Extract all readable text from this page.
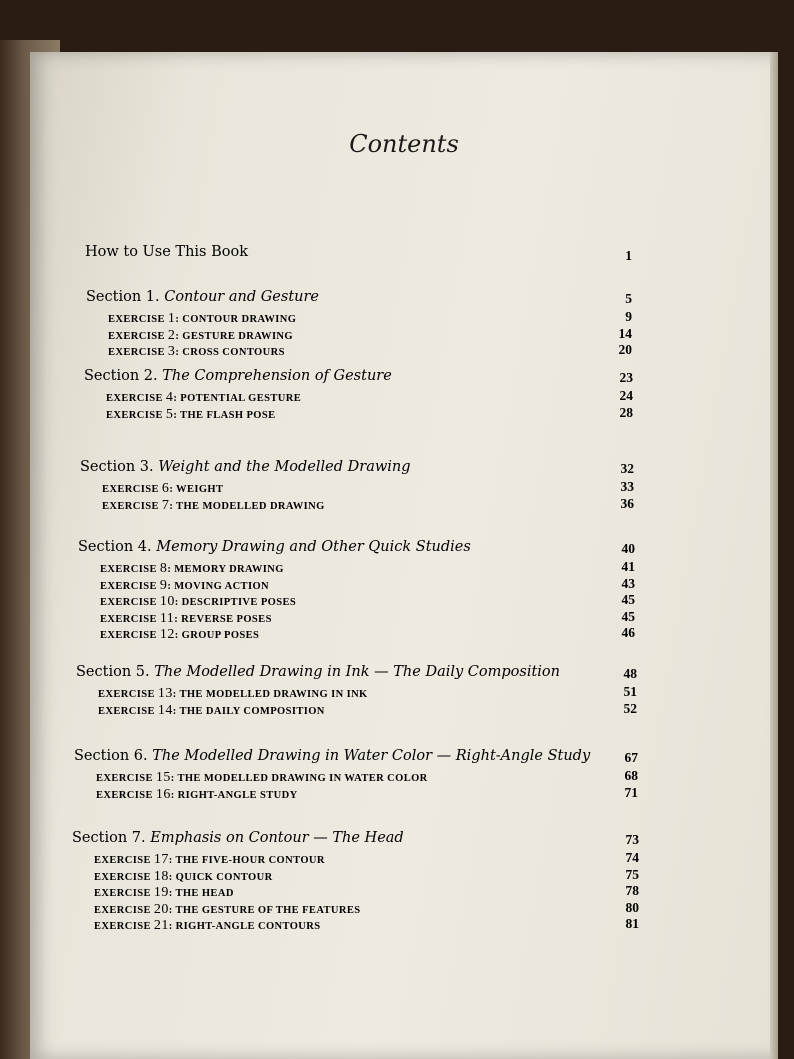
Contents
How to Use This Book	1
Section 1. Contour and Gesture	5
EXERCISE 1: CONTOUR DRAWING	9
EXERCISE 2: GESTURE DRAWING	14
EXERCISE 3: CROSS CONTOURS	20
Section 2. The Comprehension of Gesture	23
EXERCISE 4: POTENTIAL GESTURE	24
EXERCISE 5: THE FLASH POSE	28
Section 3. Weight and the Modelled Drawing	32
EXERCISE 6: WEIGHT	33
EXERCISE 7: THE MODELLED DRAWING	36
Section 4. Memory Drawing and Other Quick Studies	40
EXERCISE 8: MEMORY DRAWING	41
EXERCISE 9: MOVING ACTION	43
EXERCISE 10: DESCRIPTIVE POSES	45
EXERCISE 11: REVERSE POSES	45
EXERCISE 12: GROUP POSES	46
Section 5. The Modelled Drawing in Ink — The Daily Composition	48
EXERCISE 13: THE MODELLED DRAWING IN INK	51
EXERCISE 14: THE DAILY COMPOSITION	52
Section 6. The Modelled Drawing in Water Color — Right-Angle Study	67
EXERCISE 15: THE MODELLED DRAWING IN WATER COLOR	68
EXERCISE 16: RIGHT-ANGLE STUDY	71
Section 7. Emphasis on Contour — The Head	73
EXERCISE 17: THE FIVE-HOUR CONTOUR	74
EXERCISE 18: QUICK CONTOUR	75
EXERCISE 19: THE HEAD	78
EXERCISE 20: THE GESTURE OF THE FEATURES	80
EXERCISE 21: RIGHT-ANGLE CONTOURS	81
